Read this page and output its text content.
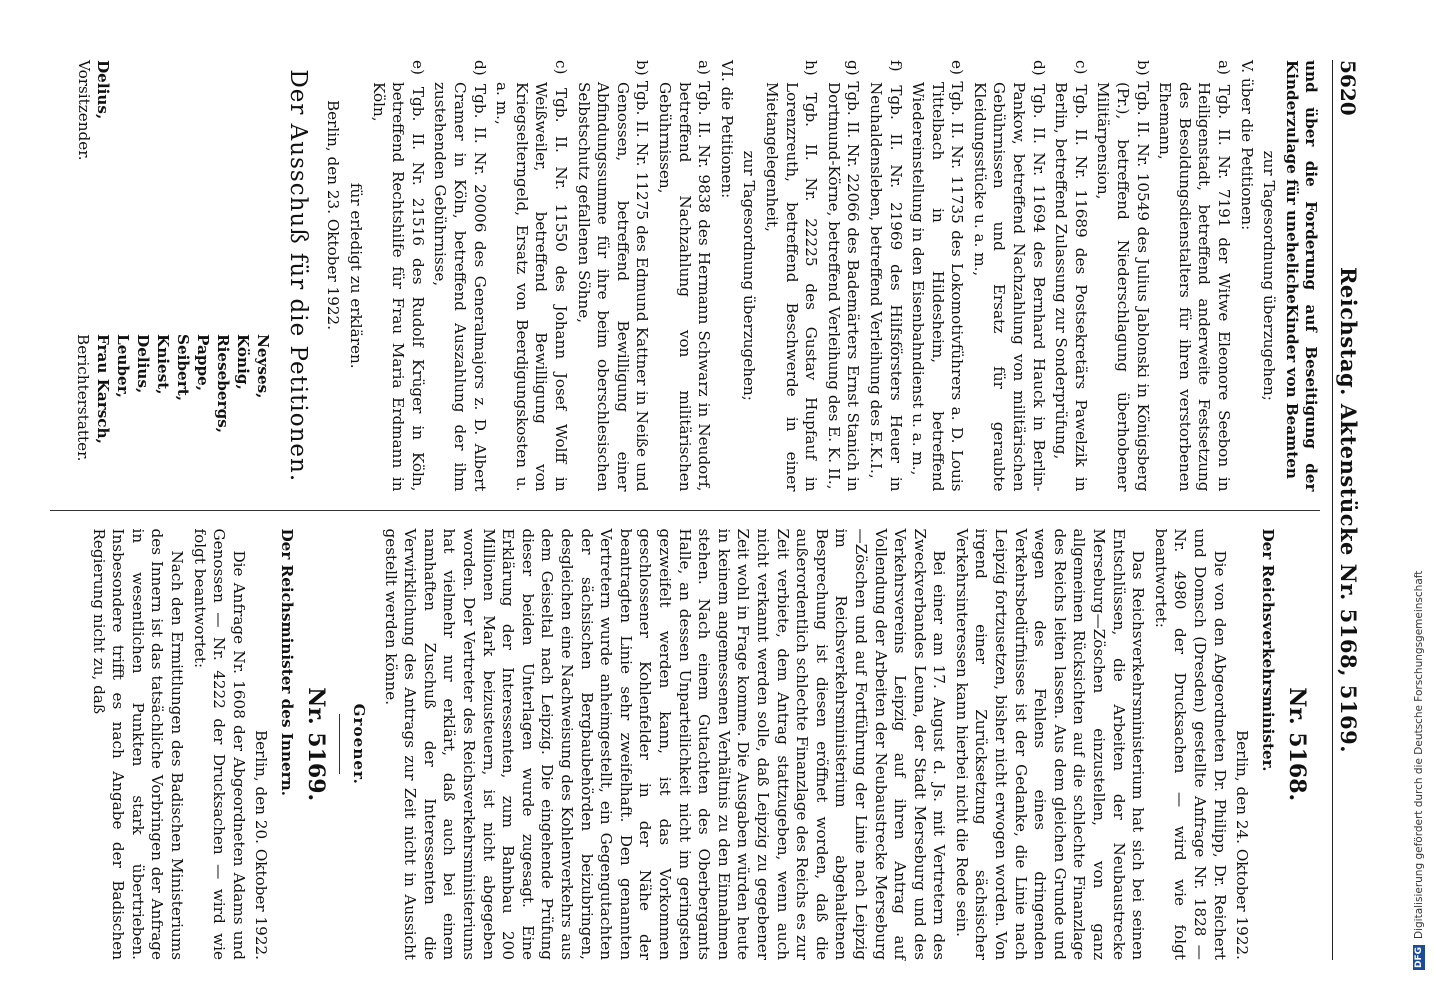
5620
Reichstag. Aktenstücke Nr. 5168, 5169.

und über die Forderung auf Beseitigung der Kinderzulage für unehelicheKinder von Beamten

zur Tagesordnung überzugehen;

V. über die Petitionen:

a) Tgb. II. Nr. 7191 der Witwe Eleonore Seebon in Heiligenstadt, betreffend anderweite Festsetzung des Besoldungsdienstalters für ihren verstorbenen Ehemann,

b) Tgb. II. Nr. 10549 des Julius Jablonski in Königsberg (Pr.), betreffend Niederschlagung überhobener Militärpension,

c) Tgb. II. Nr. 11689 des Postsekretärs Pawelzik in Berlin, betreffend Zulassung zur Sonderprüfung,

d) Tgb. II. Nr. 11694 des Bernhard Hauck in Berlin-Pankow, betreffend Nachzahlung von militärischen Gebührnissen und Ersatz für geraubte Kleidungsstücke u. a. m.,

e) Tgb. II. Nr. 11735 des Lokomotivführers a. D. Louis Tittelbach in Hildesheim, betreffend Wiedereinstellung in den Eisenbahndienst u. a. m.,

f) Tgb. II. Nr. 21969 des Hilfsförsters Heuer in Neuhaldensleben, betreffend Verleihung des E.K.I.,

g) Tgb. II. Nr. 22066 des Bademärters Ernst Stanich in Dortmund-Körne, betreffend Verleihung des E. K. II.,

h) Tgb. II. Nr. 22225 des Gustav Hupfauf in Lorenzreuth, betreffend Beschwerde in einer Mietangelegenheit,

zur Tagesordnung überzugehen;

VI. die Petitionen:

a) Tgb. II. Nr. 9838 des Hermann Schwarz in Neudorf, betreffend Nachzahlung von militärischen Gebührnissen,

b) Tgb. II. Nr. 11275 des Edmund Kattner in Neiße und Genossen, betreffend Bewilligung einer Abfindungssumme für ihre beim oberschlesischen Selbstschutz gefallenen Söhne,

c) Tgb. II. Nr. 11550 des Johann Josef Wolff in Weißweiler, betreffend Bewilligung von Kriegselterngeld, Ersatz von Beerdigungskosten u. a. m.,

d) Tgb. II. Nr. 20006 des Generalmajors z. D. Albert Cramer in Köln, betreffend Auszahlung der ihm zustehenden Gebührnisse,

e) Tgb. II. Nr. 21516 des Rudolf Krüger in Köln, betreffend Rechtshilfe für Frau Maria Erdmann in Köln,

für erledigt zu erklären.

Berlin, den 23. Oktober 1922.

Der Ausschuß für die Petitionen.
Delius,
Vorsitzender.
Neyses,
König,
Riesebergs,
Pappe,
Seibert,
Kniest,
Delius,
Leuber,
Frau Karsch,
Berichterstatter.
Nr. 5168.
Der Reichsverkehrsminister.

Berlin, den 24. Oktober 1922.

Die von den Abgeordneten Dr. Philipp, Dr. Reichert und Domsch (Dresden) gestellte Anfrage Nr. 1828 — Nr. 4980 der Drucksachen — wird wie folgt beantwortet:

Das Reichsverkehrsministerium hat sich bei seinen Entschlüssen, die Arbeiten der Neubaustrecke Merseburg—Zöschen einzustellen, von ganz allgemeinen Rücksichten auf die schlechte Finanzlage des Reichs leiten lassen. Aus dem gleichen Grunde und wegen des Fehlens eines dringenden Verkehrsbedürfnisses ist der Gedanke, die Linie nach Leipzig fortzusetzen, bisher nicht erwogen worden. Von irgend einer Zurücksetzung sächsischer Verkehrsinteressen kann hierbei nicht die Rede sein.

Bei einer am 17. August d. Js. mit Vertretern des Zweckverbandes Leuna, der Stadt Merseburg und des Verkehrsvereins Leipzig auf ihren Antrag auf Vollendung der Arbeiten der Neubaustrecke Merseburg—Zöschen und auf Fortführung der Linie nach Leipzig im Reichsverkehrsministerium abgehaltenen Besprechung ist diesen eröffnet worden, daß die außerordentlich schlechte Finanzlage des Reichs es zur Zeit verbiete, dem Antrag stattzugeben, wenn auch nicht verkannt werden solle, daß Leipzig zu gegebener Zeit wohl in Frage komme. Die Ausgaben würden heute in keinem angemessenen Verhältnis zu den Einnahmen stehen. Nach einem Gutachten des Oberbergamts Halle, an dessen Unparteilichkeit nicht im geringsten gezweifelt werden kann, ist das Vorkommen geschlossener Kohlenfelder in der Nähe der beantragten Linie sehr zweifelhaft. Den genannten Vertretern wurde anheimgestellt, ein Gegengutachten der sächsischen Bergbaubehörden beizubringen, desgleichen eine Nachweisung des Kohlenverkehrs aus dem Geiseltal nach Leipzig. Die eingehende Prüfung dieser beiden Unterlagen wurde zugesagt. Eine Erklärung der Interessenten, zum Bahnbau 200 Millionen Mark beizusteuern, ist nicht abgegeben worden. Der Vertreter des Reichsverkehrsministeriums hat vielmehr nur erklärt, daß auch bei einem namhaften Zuschuß der Interessenten die Verwirklichung des Antrags zur Zeit nicht in Aussicht gestellt werden könne.

Groener.
Nr. 5169.
Der Reichsminister des Innern.

Berlin, den 20. Oktober 1922.

Die Anfrage Nr. 1608 der Abgeordneten Adams und Genossen — Nr. 4222 der Drucksachen — wird wie folgt beantwortet:

Nach den Ermittlungen des Badischen Ministeriums des Innern ist das tatsächliche Vorbringen der Anfrage in wesentlichen Punkten stark übertrieben. Insbesondere trifft es nach Angabe der Badischen Regierung nicht zu, daß

DFG
Digitalisierung gefördert durch die Deutsche Forschungsgemeinschaft
